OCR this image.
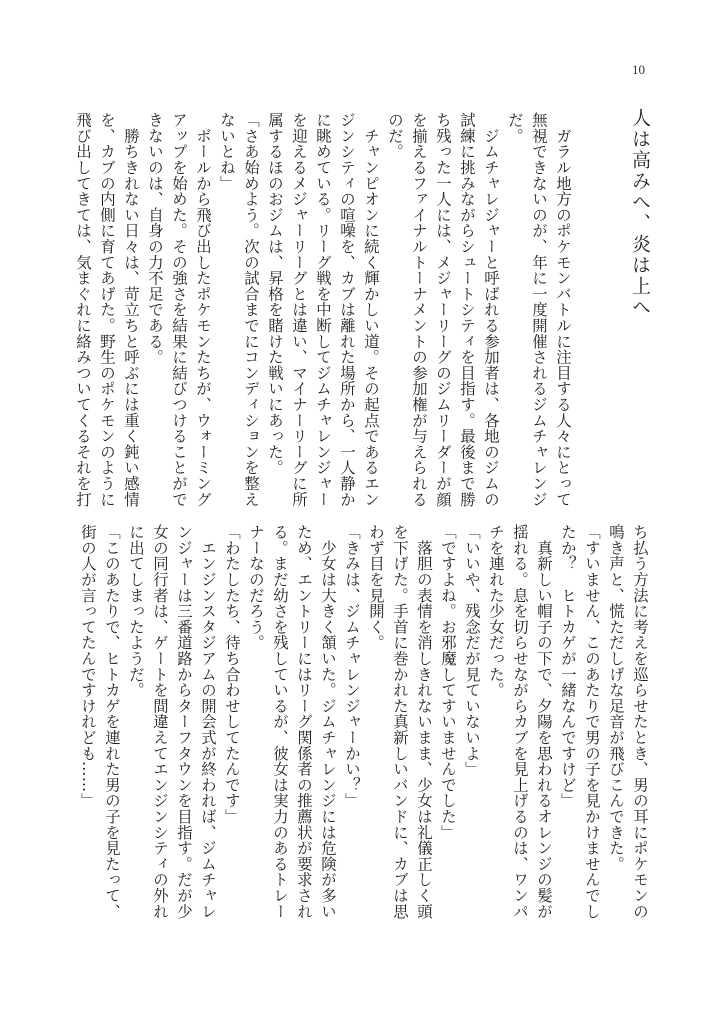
10
人は高みへ、炎は上へ
　ガラル地方のポケモンバトルに注目する人々にとって
無視できないのが、年に一度開催されるジムチャレンジ
だ。
　ジムチャレジャーと呼ばれる参加者は、各地のジムの
試練に挑みながらシュートシティを目指す。最後まで勝
ち残った一人には、メジャーリーグのジムリーダーが顔
を揃えるファイナルトーナメントの参加権が与えられる
のだ。
　チャンピオンに続く輝かしい道。その起点であるエン
ジンシティの喧噪を、カブは離れた場所から、一人静か
に眺めている。リーグ戦を中断してジムチャレンジャー
を迎えるメジャーリーグとは違い、マイナーリーグに所
属するほのおジムは、昇格を賭けた戦いにあった。
「さあ始めよう。次の試合までにコンディションを整え
ないとね」
　ボールから飛び出したポケモンたちが、ウォーミング
アップを始めた。その強さを結果に結びつけることがで
きないのは、自身の力不足である。
　勝ちきれない日々は、苛立ちと呼ぶには重く鈍い感情
を、カブの内側に育てあげた。野生のポケモンのように
飛び出してきては、気まぐれに絡みついてくるそれを打
ち払う方法に考えを巡らせたとき、男の耳にポケモンの
鳴き声と、慌ただしげな足音が飛びこんできた。
「すいません、このあたりで男の子を見かけませんでし
たか？　ヒトカゲが一緒なんですけど」
　真新しい帽子の下で、夕陽を思われるオレンジの髪が
揺れる。息を切らせながらカブを見上げるのは、ワンパ
チを連れた少女だった。
「いいや、残念だが見ていないよ」
「ですよね。お邪魔してすいませんでした」
　落胆の表情を消しきれないまま、少女は礼儀正しく頭
を下げた。手首に巻かれた真新しいバンドに、カブは思
わず目を見開く。
「きみは、ジムチャレンジャーかい？」
　少女は大きく頷いた。ジムチャレンジには危険が多い
ため、エントリーにはリーグ関係者の推薦状が要求され
る。まだ幼さを残しているが、彼女は実力のあるトレー
ナーなのだろう。
「わたしたち、待ち合わせしてたんです」
　エンジンスタジアムの開会式が終われば、ジムチャレ
ンジャーは三番道路からターフタウンを目指す。だが少
女の同行者は、ゲートを間違えてエンジンシティの外れ
に出てしまったようだ。
「このあたりで、ヒトカゲを連れた男の子を見たって、
街の人が言ってたんですけれども……」
